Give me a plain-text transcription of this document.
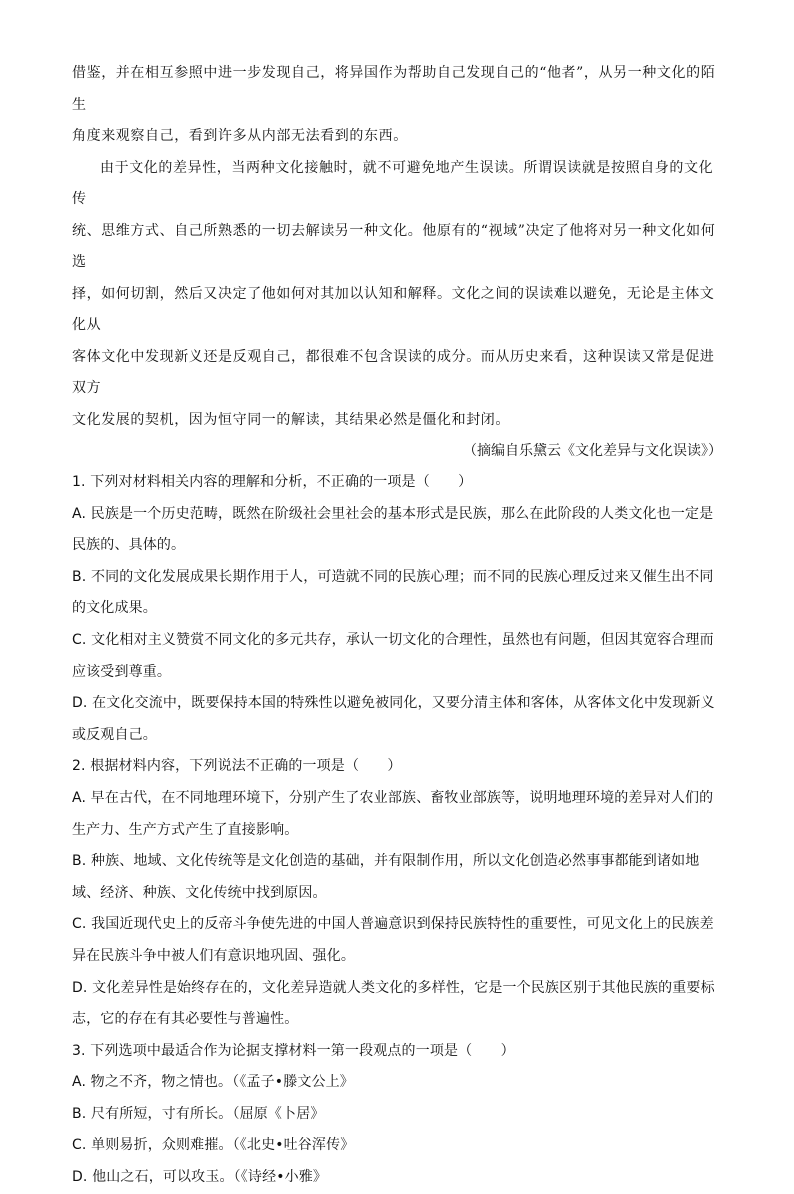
借鉴，并在相互参照中进一步发现自己，将异国作为帮助自己发现自己的“他者”，从另一种文化的陌生
角度来观察自己，看到许多从内部无法看到的东西。

由于文化的差异性，当两种文化接触时，就不可避免地产生误读。所谓误读就是按照自身的文化传
统、思维方式、自己所熟悉的一切去解读另一种文化。他原有的“视域”决定了他将对另一种文化如何选
择，如何切割，然后又决定了他如何对其加以认知和解释。文化之间的误读难以避免，无论是主体文化从
客体文化中发现新义还是反观自己，都很难不包含误读的成分。而从历史来看，这种误读又常是促进双方
文化发展的契机，因为恒守同一的解读，其结果必然是僵化和封闭。

（摘编自乐黛云《文化差异与文化误读》）

1. 下列对材料相关内容的理解和分析，不正确的一项是（　　）

A. 民族是一个历史范畴，既然在阶级社会里社会的基本形式是民族，那么在此阶段的人类文化也一定是

民族的、具体的。

B. 不同的文化发展成果长期作用于人，可造就不同的民族心理；而不同的民族心理反过来又催生出不同

的文化成果。

C. 文化相对主义赞赏不同文化的多元共存，承认一切文化的合理性，虽然也有问题，但因其宽容合理而

应该受到尊重。

D. 在文化交流中，既要保持本国的特殊性以避免被同化，又要分清主体和客体，从客体文化中发现新义

或反观自己。

2. 根据材料内容，下列说法不正确的一项是（　　）

A. 早在古代，在不同地理环境下，分别产生了农业部族、畜牧业部族等，说明地理环境的差异对人们的

生产力、生产方式产生了直接影响。

B. 种族、地域、文化传统等是文化创造的基础，并有限制作用，所以文化创造必然事事都能到诸如地

域、经济、种族、文化传统中找到原因。

C. 我国近现代史上的反帝斗争使先进的中国人普遍意识到保持民族特性的重要性，可见文化上的民族差

异在民族斗争中被人们有意识地巩固、强化。

D. 文化差异性是始终存在的，文化差异造就人类文化的多样性，它是一个民族区别于其他民族的重要标

志，它的存在有其必要性与普遍性。

3. 下列选项中最适合作为论据支撑材料一第一段观点的一项是（　　）

A. 物之不齐，物之情也。（《孟子•滕文公上》

B. 尺有所短，寸有所长。（屈原《卜居》

C. 单则易折，众则难摧。（《北史•吐谷浑传》

D. 他山之石，可以攻玉。（《诗经•小雅》
